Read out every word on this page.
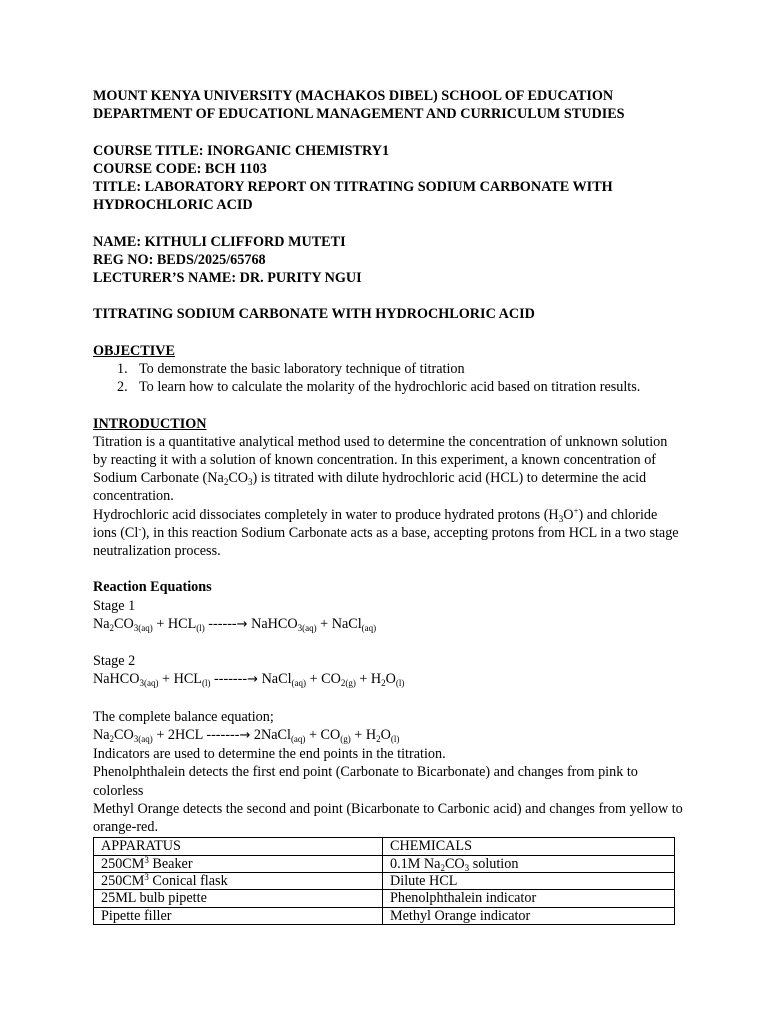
MOUNT KENYA UNIVERSITY (MACHAKOS DIBEL) SCHOOL OF EDUCATION

DEPARTMENT OF EDUCATIONL MANAGEMENT AND CURRICULUM STUDIES

COURSE TITLE: INORGANIC CHEMISTRY1

COURSE CODE: BCH 1103

TITLE: LABORATORY REPORT ON TITRATING SODIUM CARBONATE WITH

HYDROCHLORIC ACID

NAME: KITHULI CLIFFORD MUTETI

REG NO: BEDS/2025/65768

LECTURER’S NAME: DR. PURITY NGUI

TITRATING SODIUM CARBONATE WITH HYDROCHLORIC ACID

OBJECTIVE

1. To demonstrate the basic laboratory technique of titration
2. To learn how to calculate the molarity of the hydrochloric acid based on titration results.

INTRODUCTION

Titration is a quantitative analytical method used to determine the concentration of unknown solution by reacting it with a solution of known concentration. In this experiment, a known concentration of Sodium Carbonate $(Na_2CO_3)$ is titrated with dilute hydrochloric acid (HCL) to determine the acid concentration.

Hydrochloric acid dissociates completely in water to produce hydrated protons $(H_3O^+)$ and chloride ions (Cl-), in this reaction Sodium Carbonate acts as a base, accepting protons from HCL in a two stage neutralization process.

Reaction Equations

Stage 1

$Na_2CO_{3(aq)} + HCL_{(l)}$ ------→ NaHCO$_{3(aq)}$ + NaCl$_{(aq)}$

Stage 2

NaHCO$_{3(aq)}$ + $HCL_{(l)}$ -------→ NaCl$_{(aq)}$ + $CO_{2(g)} + H_2O_{(l)}$

The complete balance equation;

$Na_2CO_{3(aq)} + 2HCL$ -------→ 2NaCl$_{(aq)}$ + $CO_{(g)} + H_2O_{(l)}$

Indicators are used to determine the end points in the titration.

Phenolphthalein detects the first end point (Carbonate to Bicarbonate) and changes from pink to colorless

Methyl Orange detects the second and point (Bicarbonate to Carbonic acid) and changes from yellow to orange-red.

APPARATUS	CHEMICALS
$250CM^3$ Beaker	0.1M $Na_2CO_3$ solution
$250CM^3$ Conical flask	Dilute HCL
25ML bulb pipette	Phenolphthalein indicator
Pipette filler	Methyl Orange indicator
